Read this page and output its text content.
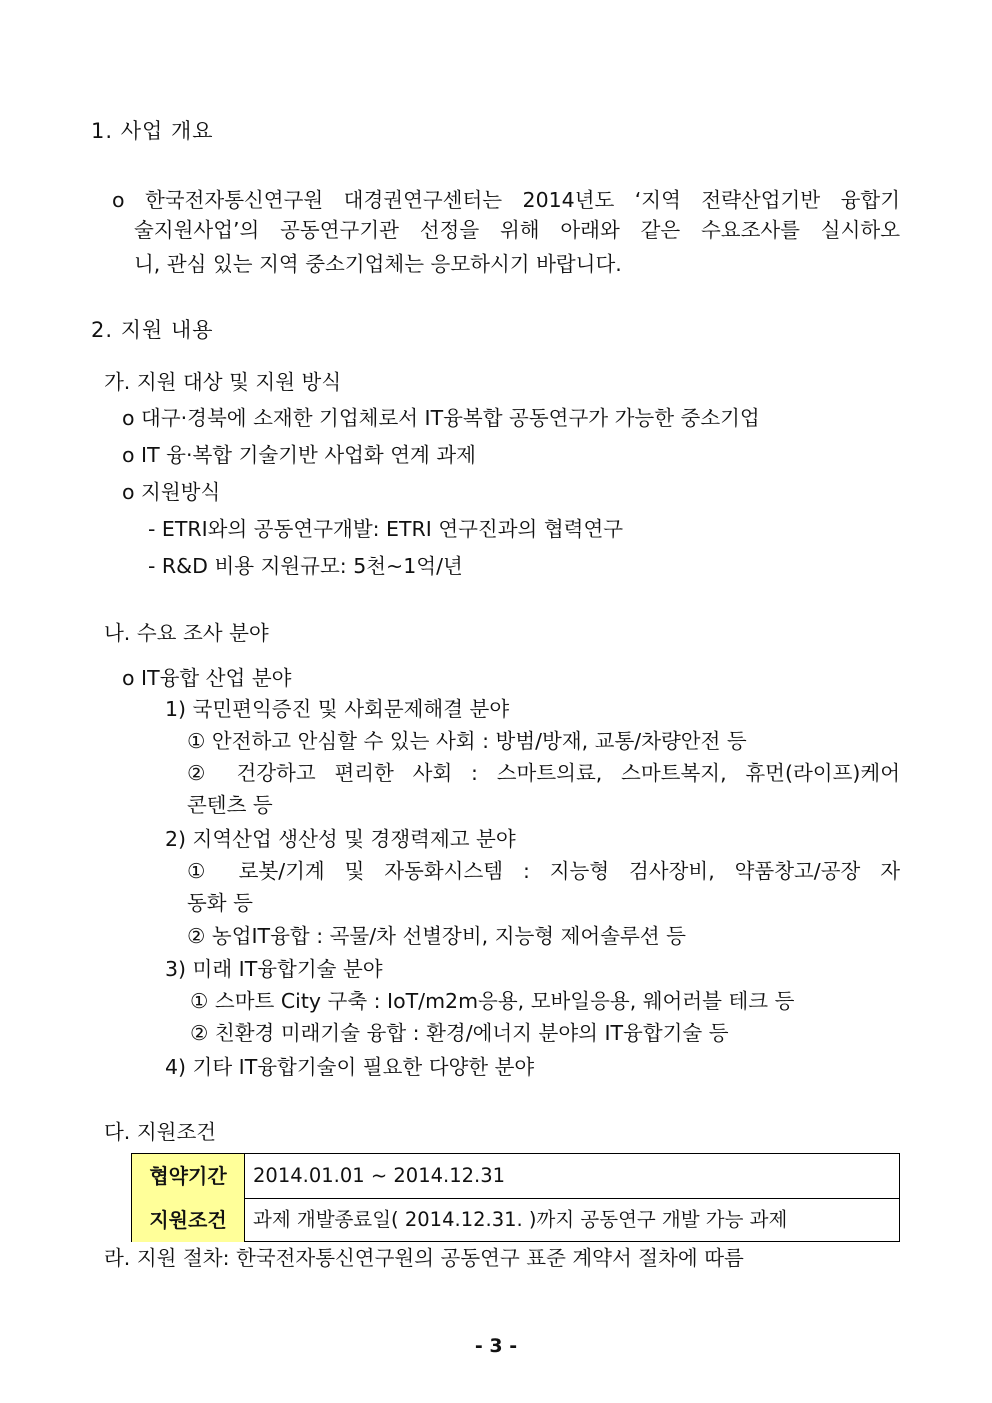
1. 사업 개요
o 한국전자통신연구원 대경권연구센터는 2014년도 ‘지역 전략산업기반 융합기
술지원사업’의 공동연구기관 선정을 위해 아래와 같은 수요조사를 실시하오
니, 관심 있는 지역 중소기업체는 응모하시기 바랍니다.
2. 지원 내용
가. 지원 대상 및 지원 방식
o 대구·경북에 소재한 기업체로서 IT융복합 공동연구가 가능한 중소기업
o IT 융·복합 기술기반 사업화 연계 과제
o 지원방식
- ETRI와의 공동연구개발: ETRI 연구진과의 협력연구
- R&D 비용 지원규모: 5천~1억/년
나. 수요 조사 분야
o IT융합 산업 분야
1) 국민편익증진 및 사회문제해결 분야
① 안전하고 안심할 수 있는 사회 : 방범/방재, 교통/차량안전 등
② 건강하고 편리한 사회 : 스마트의료, 스마트복지, 휴먼(라이프)케어
콘텐츠 등
2) 지역산업 생산성 및 경쟁력제고 분야
① 로봇/기계 및 자동화시스템 : 지능형 검사장비, 약품창고/공장 자
동화 등
② 농업IT융합 : 곡물/차 선별장비, 지능형 제어솔루션 등
3) 미래 IT융합기술 분야
① 스마트 City 구축 : IoT/m2m응용, 모바일응용, 웨어러블 테크 등
② 친환경 미래기술 융합 : 환경/에너지 분야의 IT융합기술 등
4) 기타 IT융합기술이 필요한 다양한 분야
다. 지원조건
협약기간	2014.01.01 ~ 2014.12.31
지원조건	과제 개발종료일( 2014.12.31. )까지 공동연구 개발 가능 과제
라. 지원 절차: 한국전자통신연구원의 공동연구 표준 계약서 절차에 따름
- 3 -
